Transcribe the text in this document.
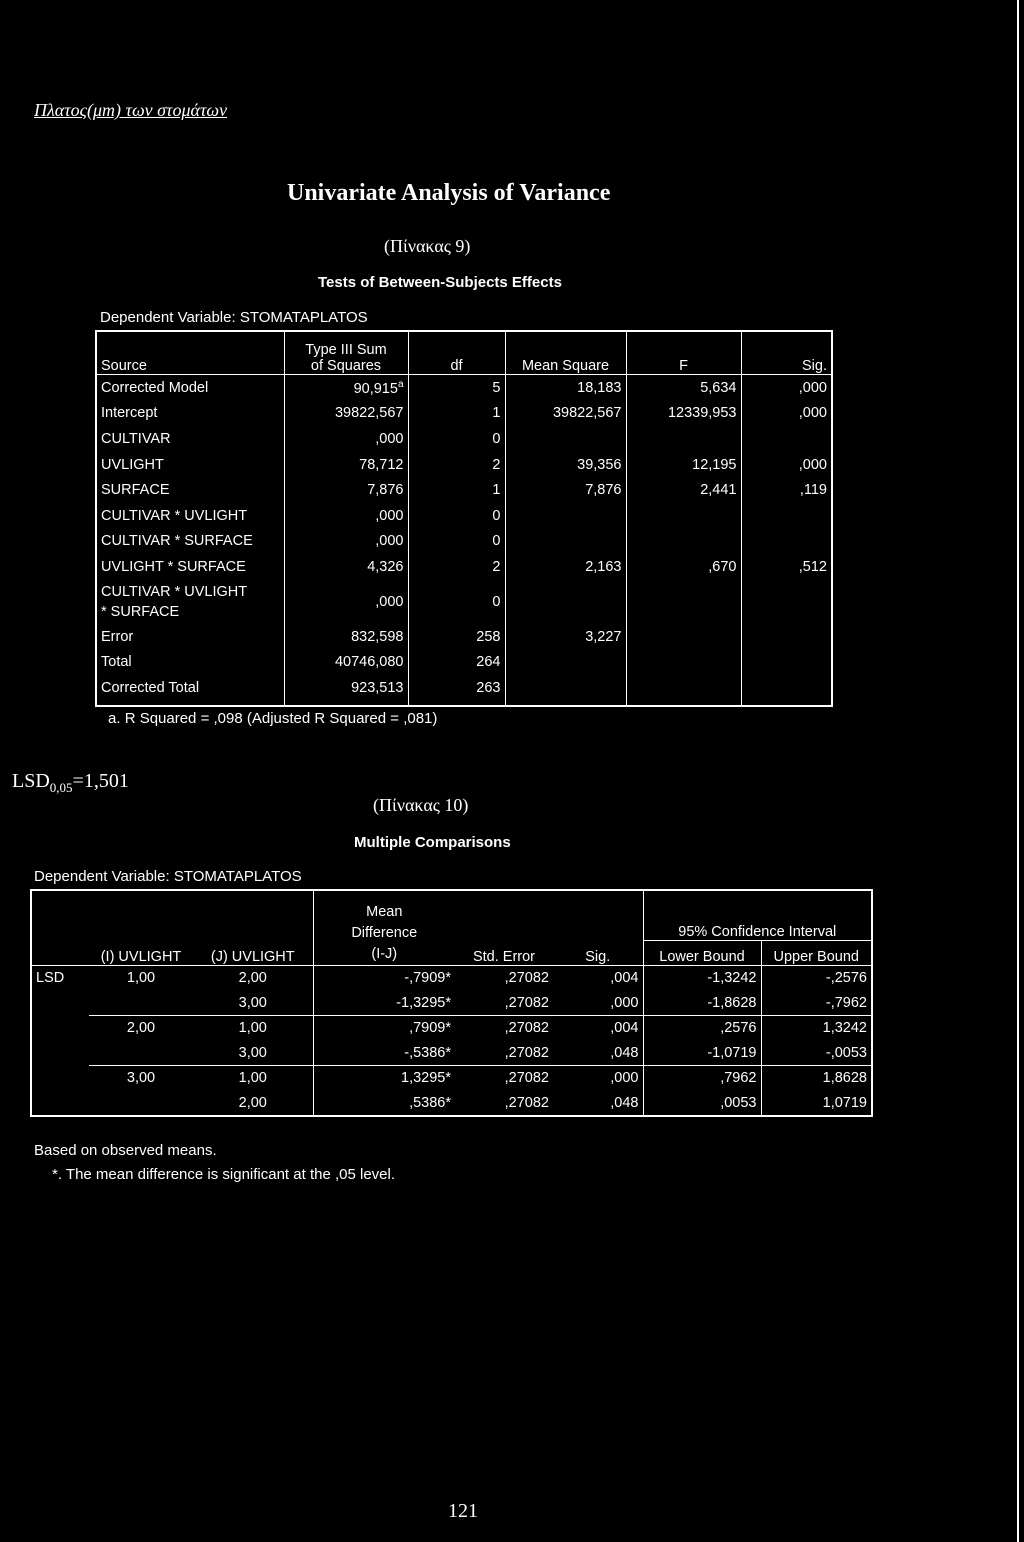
Πλατος(μm) των στομάτων
Univariate Analysis of Variance
(Πίνακας 9)
Tests of Between-Subjects Effects
Dependent Variable: STOMATAPLATOS
Source	Type III Sum
of Squares	df	Mean Square	F	Sig.

Corrected Model	90,915$^a$	5	18,183	5,634	,000

Intercept	39822,567	1	39822,567	12339,953	,000

CULTIVAR	,000	0			

UVLIGHT	78,712	2	39,356	12,195	,000

SURFACE	7,876	1	7,876	2,441	,119

CULTIVAR * UVLIGHT	,000	0			

CULTIVAR * SURFACE	,000	0			

UVLIGHT * SURFACE	4,326	2	2,163	,670	,512

CULTIVAR * UVLIGHT
* SURFACE	,000	0			

Error	832,598	258	3,227		

Total	40746,080	264			

Corrected Total	923,513	263			
a. R Squared = ,098 (Adjusted R Squared = ,081)
$LSD_{0,05}=1,501$
(Πίνακας 10)
Multiple Comparisons
Dependent Variable: STOMATAPLATOS
	(I) UVLIGHT	(J) UVLIGHT	Mean
Difference
(I-J)	Std. Error	Sig.		
						95% Confidence Interval	
						Lower Bound	Upper Bound
LSD	1,00	2,00	-,7909*	,27082	,004	-1,3242	-,2576
		3,00	-1,3295*	,27082	,000	-1,8628	-,7962
	2,00	1,00	,7909*	,27082	,004	,2576	1,3242
		3,00	-,5386*	,27082	,048	-1,0719	-,0053
	3,00	1,00	1,3295*	,27082	,000	,7962	1,8628
		2,00	,5386*	,27082	,048	,0053	1,0719
Based on observed means.
*. The mean difference is significant at the ,05 level.
121
